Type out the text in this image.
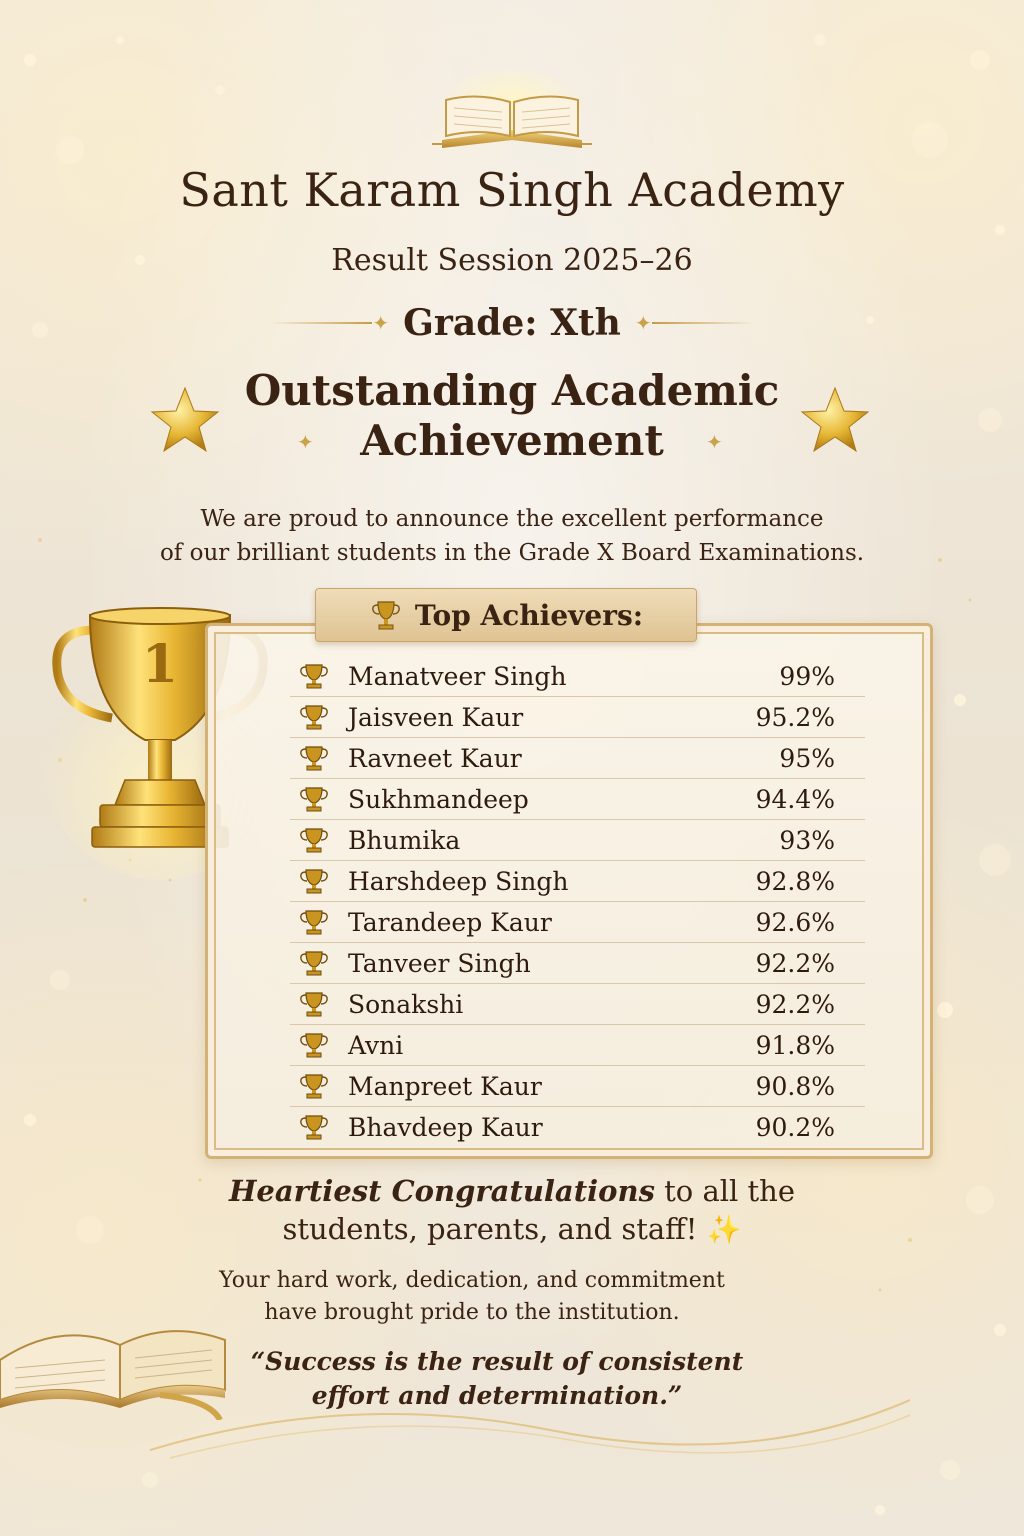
Sant Karam Singh Academy
Result Session 2025–26
✦ Grade: Xth ✦
Outstanding Academic
Achievement
✦	✦
We are proud to announce the excellent performance
of our brilliant students in the Grade X Board Examinations.
1
Top Achievers:
Manatveer Singh	99%
Jaisveen Kaur	95.2%
Ravneet Kaur	95%
Sukhmandeep	94.4%
Bhumika	93%
Harshdeep Singh	92.8%
Tarandeep Kaur	92.6%
Tanveer Singh	92.2%
Sonakshi	92.2%
Avni	91.8%
Manpreet Kaur	90.8%
Bhavdeep Kaur	90.2%
Heartiest Congratulations to all the
students, parents, and staff! ✨
Your hard work, dedication, and commitment
have brought pride to the institution.
“Success is the result of consistent
effort and determination.”
